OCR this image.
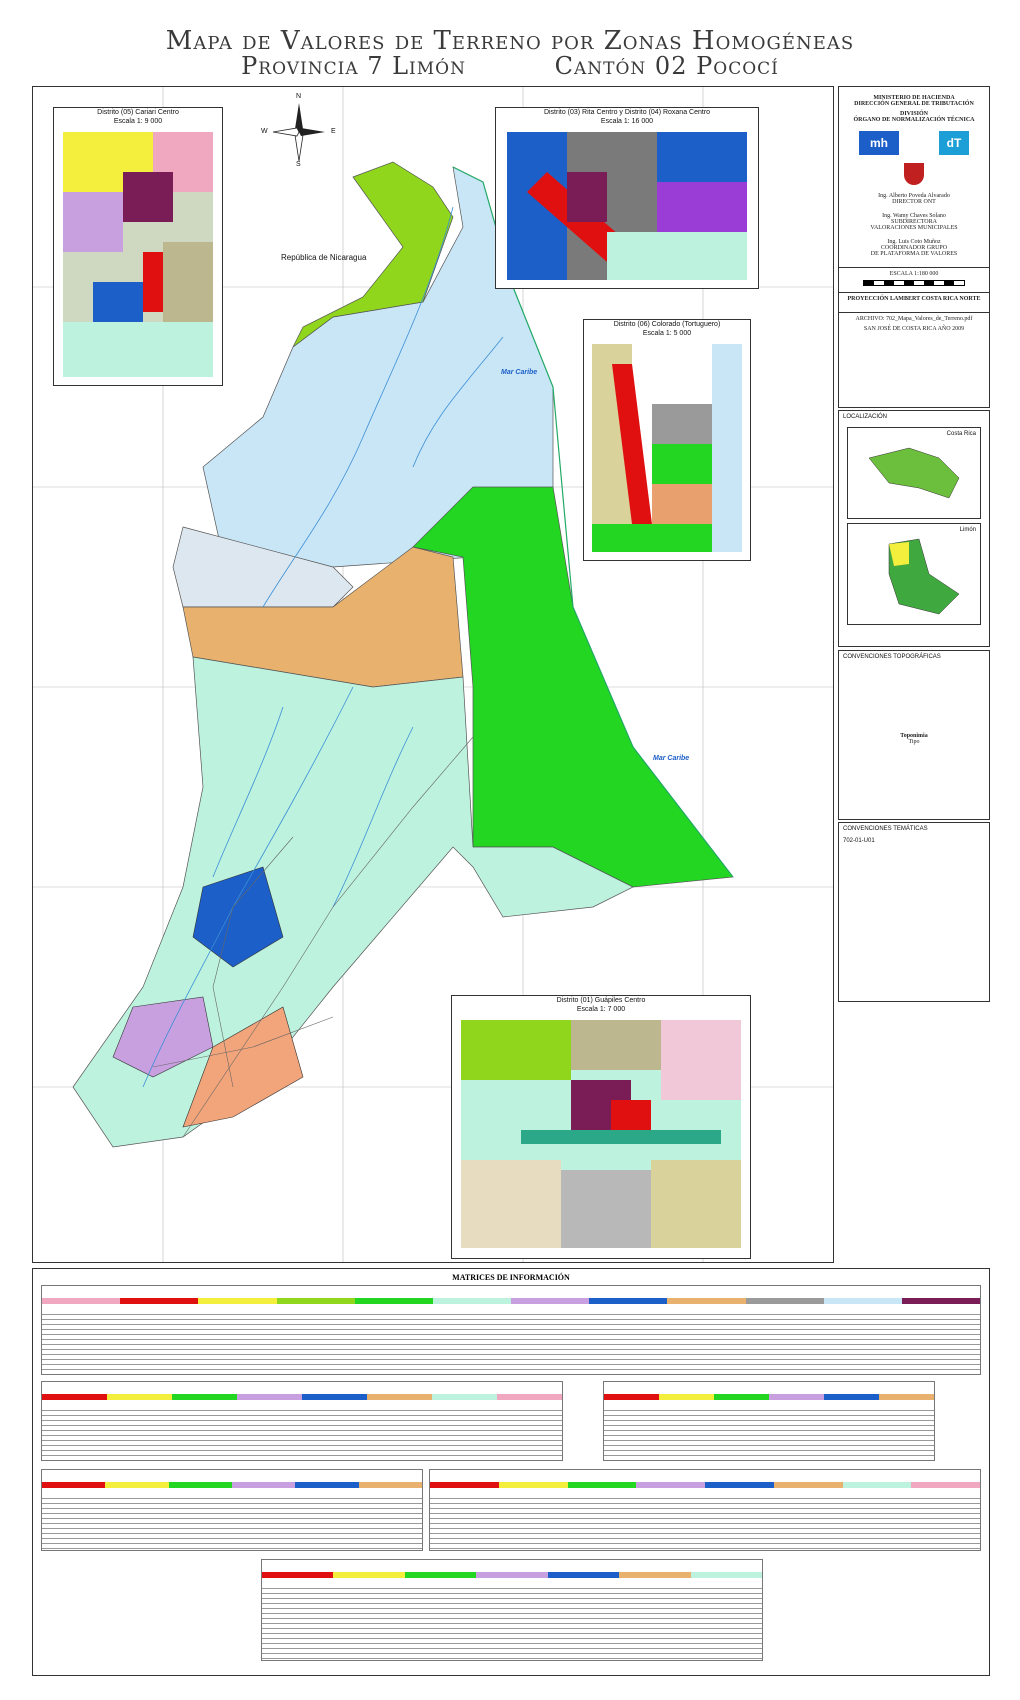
Mapa de Valores de Terreno por Zonas Homogéneas
Provincia 7 Limón	Cantón 02 Pococí
República de Nicaragua
Mar Caribe
Mar Caribe
N
S
W	E
Distrito (05) Cariari Centro
Escala 1: 9 000
Distrito (03) Rita Centro y Distrito (04) Roxana Centro
Escala 1: 16 000
Distrito (06) Colorado (Tortuguero)
Escala 1: 5 000
Distrito (01) Guápiles Centro
Escala 1: 7 000
MINISTERIO DE HACIENDA
DIRECCIÓN GENERAL DE TRIBUTACIÓN
DIVISIÓN
ÓRGANO DE NORMALIZACIÓN TÉCNICA
mh	dT
Ing. Alberto Poveda Alvarado
DIRECTOR ONT
Ing. Wamy Chaves Solano
SUBDIRECTORA
VALORACIONES MUNICIPALES
Ing. Luis Coto Muñoz
COORDINADOR GRUPO
DE PLATAFORMA DE VALORES
ESCALA 1:180 000
PROYECCIÓN LAMBERT COSTA RICA NORTE
ARCHIVO: 702_Mapa_Valores_de_Terreno.pdf
SAN JOSÉ DE COSTA RICA AÑO 2009
LOCALIZACIÓN
Costa Rica
Limón
CONVENCIONES TOPOGRÁFICAS
Toponimia
Tipo
CONVENCIONES TEMÁTICAS
702-01-U01
MATRICES DE INFORMACIÓN
